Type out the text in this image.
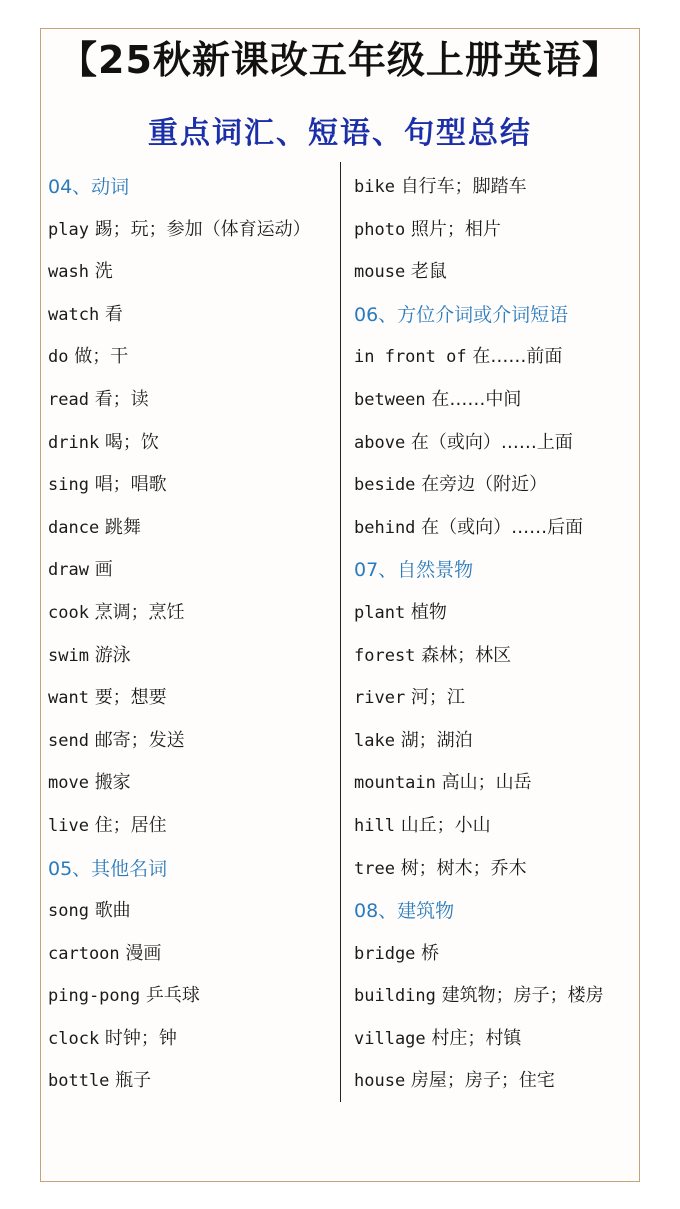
【25秋新课改五年级上册英语】
重点词汇、短语、句型总结
04、动词
play 踢；玩；参加（体育运动）
wash 洗
watch 看
do 做；干
read 看；读
drink 喝；饮
sing 唱；唱歌
dance 跳舞
draw 画
cook 烹调；烹饪
swim 游泳
want 要；想要
send 邮寄；发送
move 搬家
live 住；居住
05、其他名词
song 歌曲
cartoon 漫画
ping-pong 乒乓球
clock 时钟；钟
bottle 瓶子
bike 自行车；脚踏车
photo 照片；相片
mouse 老鼠
06、方位介词或介词短语
in front of 在……前面
between 在……中间
above 在（或向）……上面
beside 在旁边（附近）
behind 在（或向）……后面
07、自然景物
plant 植物
forest 森林；林区
river 河；江
lake 湖；湖泊
mountain 高山；山岳
hill 山丘；小山
tree 树；树木；乔木
08、建筑物
bridge 桥
building 建筑物；房子；楼房
village 村庄；村镇
house 房屋；房子；住宅
